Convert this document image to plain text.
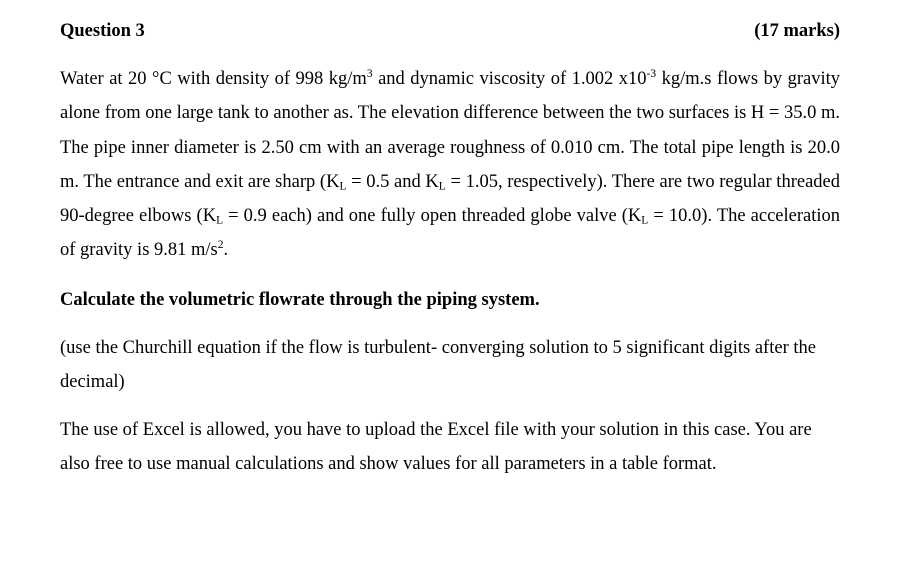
Question 3	(17 marks)
Water at 20 °C with density of 998 $kg/m^3$ and dynamic viscosity of 1.002 $x10^{-3}$ kg/m.s flows by gravity alone from one large tank to another as. The elevation difference between the two surfaces is H = 35.0 m. The pipe inner diameter is 2.50 cm with an average roughness of 0.010 cm. The total pipe length is 20.0 m. The entrance and exit are sharp ($K_L = 0.5$ and $K_L = 1.05$, respectively). There are two regular threaded 90-degree elbows ($K_L = 0.9$ each) and one fully open threaded globe valve $(K_L = 10.0)$. The acceleration of gravity is 9.81 $m/s^2$.
Calculate the volumetric flowrate through the piping system.
(use the Churchill equation if the flow is turbulent- converging solution to 5 significant digits after the decimal)
The use of Excel is allowed, you have to upload the Excel file with your solution in this case. You are also free to use manual calculations and show values for all parameters in a table format.
